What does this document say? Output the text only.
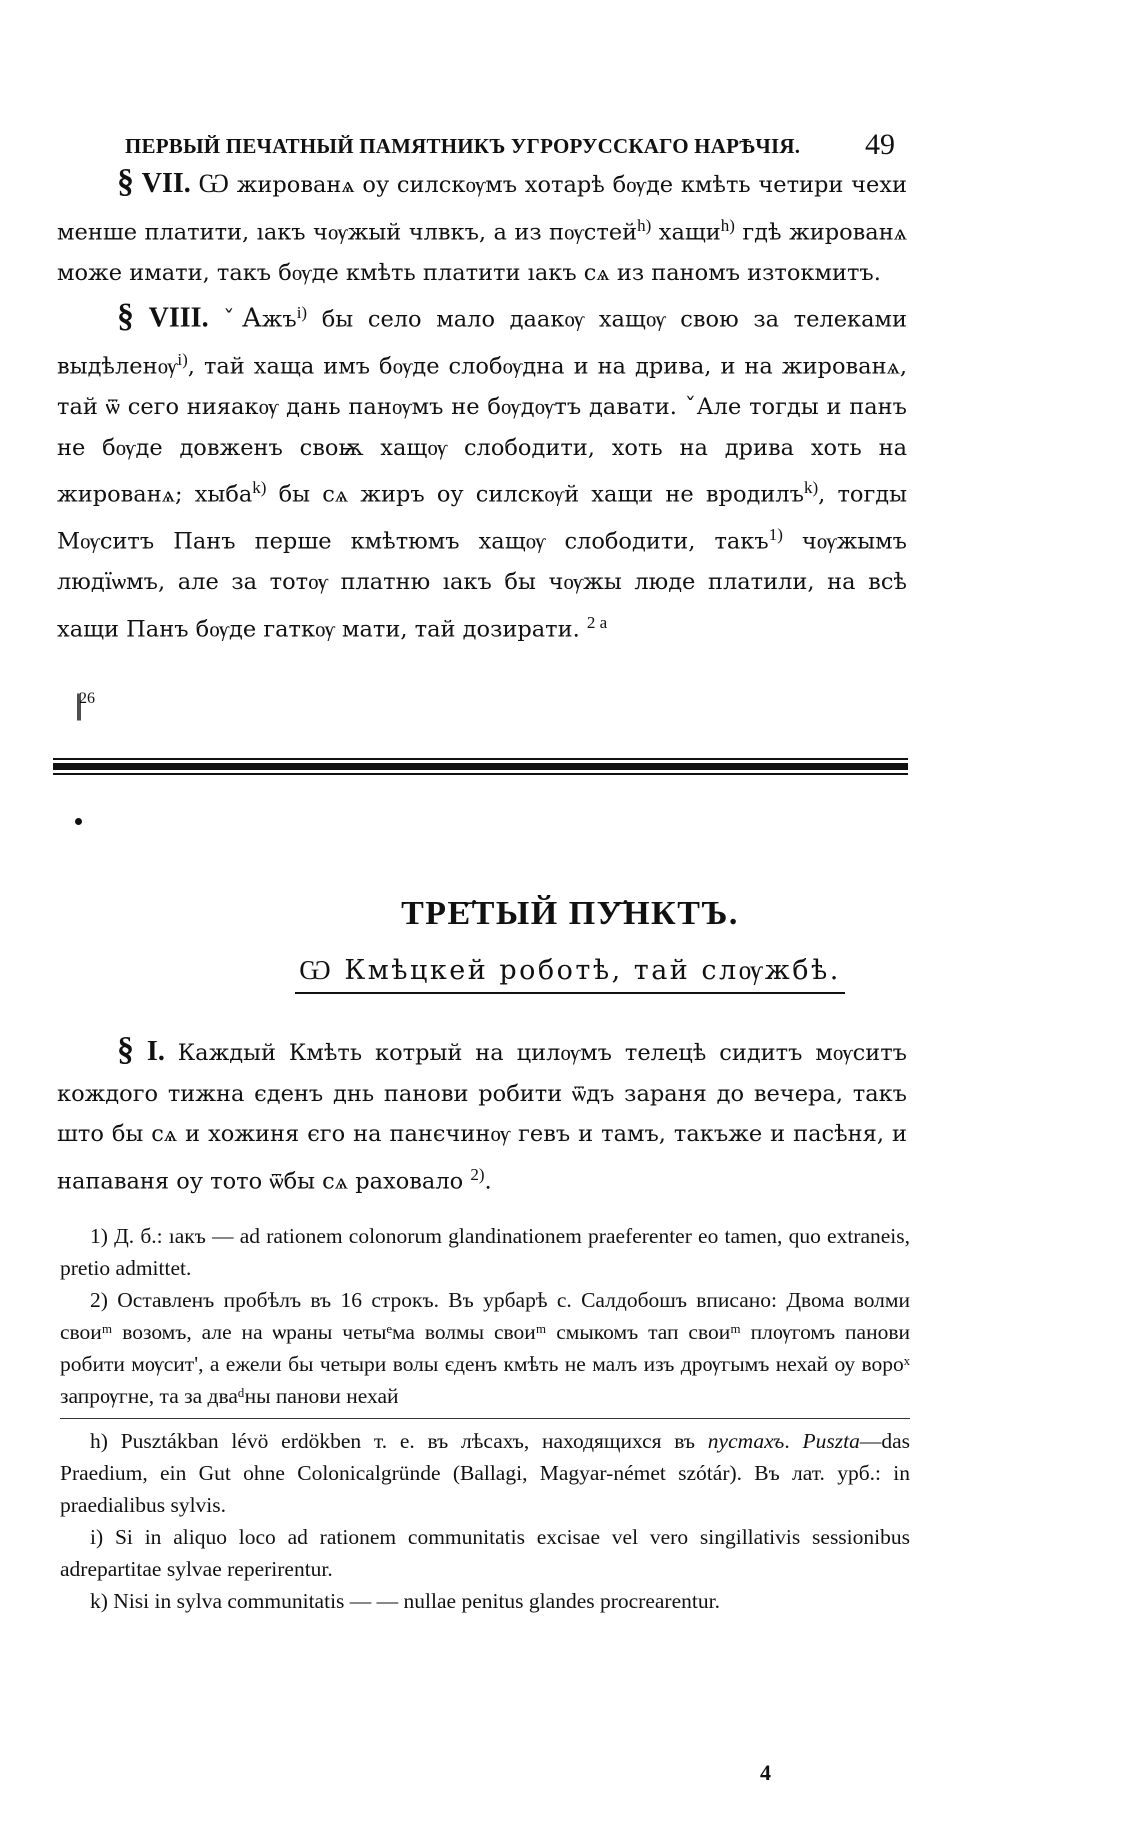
ПЕРВЫЙ ПЕЧАТНЫЙ ПАМЯТНИКЪ УГРОРУССКАГО НАРѢЧІЯ. 49

§ VII. Ѡ жированѧ оу силскѹмъ хотарѣ бѹде кмѣть четири чехи менше платити, ıакъ чѹжый члвкъ, а из пѹстей$^{h)}$ хащи$^{h)}$ гдѣ жированѧ може имати, такъ бѹде кмѣть платити ıакъ сѧ из паномъ изтокмитъ.

§ VIII. ˇАжъ$^{i)}$ бы село мало даакѹ хащѹ свою за телеками выдѣленѹ$^{i)}$, тай хаща имъ бѹде слобѹдна и на дрива, и на жированѧ, тай ѿ сего нияакѹ дань панѹмъ не бѹдѹтъ давати. ˇАле тогды и панъ не бѹде довженъ своѭ хащѹ слободити, хоть на дрива хоть на жированѧ; хыба$^{k)}$ бы сѧ жиръ оу силскѹй хащи не вродилъ$^{k)}$, тогды Мѹситъ Панъ перше кмѣтюмъ хащѹ слободити, такъ$^{1)}$ чѹжымъ людїѡмъ, але за тотѹ платню ıакъ бы чѹжы люде платили, на всѣ хащи Панъ бѹде гаткѹ мати, тай дозирати. $^{2 a}$

$||^{26}$
ТРЕ҃ТЫЙ ПУ҃НКТЪ.
Ѡ Кмѣцкей роботѣ, тай слѹжбѣ.

§ I. Каждый Кмѣть котрый на цилѹмъ телецѣ сидитъ мѹситъ кождого тижна єденъ днь панови робити ѿдъ зараня до вечера, такъ што бы сѧ и хожиня єго на панєчинѹ гевъ и тамъ, такъже и пасѣня, и напаваня оу тото ѿбы сѧ раховало $^{2)}$.

1) Д. б.: ıакъ — ad rationem colonorum glandinationem praeferenter eo tamen, quo extraneis, pretio admittet.

2) Оставленъ пробѣлъ въ 16 строкъ. Въ урбарѣ с. Салдобошъ вписано: Двома волми своиᵐ возомъ, але на ѡраны четыᵉма волмы своиᵐ смыкомъ тап своиᵐ плѹгомъ панови робити мѹсит', а ежели бы четыри волы єденъ кмѣть не малъ изъ дрѹгымъ нехай оу вороˣ запрѹгне, та за дваᵈны панови нехай

h) Pusztákban lévö erdökben т. е. въ лѣсахъ, находящихся въ пустахъ. Puszta—das Praedium, ein Gut ohne Colonicalgründe (Ballagi, Magyar-német szótár). Въ лат. урб.: in praedialibus sylvis.

i) Si in aliquo loco ad rationem communitatis excisae vel vero singillativis sessionibus adrepartitae sylvae reperirentur.

k) Nisi in sylva communitatis — — nullae penitus glandes procrearentur.

4
